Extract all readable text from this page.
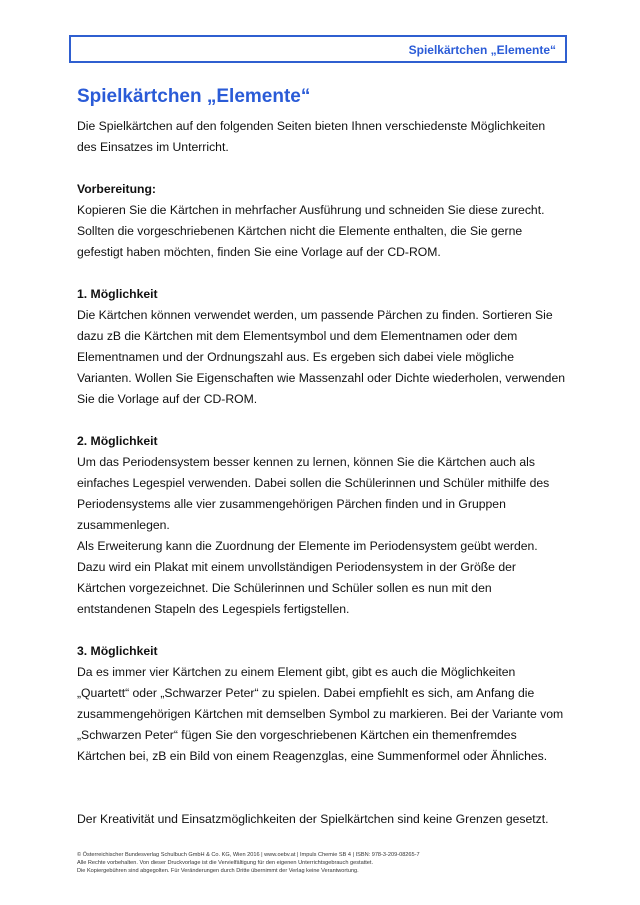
Spielkärtchen „Elemente“
Spielkärtchen „Elemente“

Die Spielkärtchen auf den folgenden Seiten bieten Ihnen verschiedenste Möglichkeiten des Einsatzes im Unterricht.

Vorbereitung:

Kopieren Sie die Kärtchen in mehrfacher Ausführung und schneiden Sie diese zurecht. Sollten die vorgeschriebenen Kärtchen nicht die Elemente enthalten, die Sie gerne gefestigt haben möchten, finden Sie eine Vorlage auf der CD-ROM.

1. Möglichkeit

Die Kärtchen können verwendet werden, um passende Pärchen zu finden. Sortieren Sie dazu zB die Kärtchen mit dem Elementsymbol und dem Elementnamen oder dem Elementnamen und der Ordnungszahl aus. Es ergeben sich dabei viele mögliche Varianten. Wollen Sie Eigenschaften wie Massenzahl oder Dichte wiederholen, verwenden Sie die Vorlage auf der CD-ROM.

2. Möglichkeit

Um das Periodensystem besser kennen zu lernen, können Sie die Kärtchen auch als einfaches Legespiel verwenden. Dabei sollen die Schülerinnen und Schüler mithilfe des Periodensystems alle vier zusammengehörigen Pärchen finden und in Gruppen zusammenlegen.

Als Erweiterung kann die Zuordnung der Elemente im Periodensystem geübt werden. Dazu wird ein Plakat mit einem unvollständigen Periodensystem in der Größe der Kärtchen vorgezeichnet. Die Schülerinnen und Schüler sollen es nun mit den entstandenen Stapeln des Legespiels fertigstellen.

3. Möglichkeit

Da es immer vier Kärtchen zu einem Element gibt, gibt es auch die Möglichkeiten „Quartett“ oder „Schwarzer Peter“ zu spielen. Dabei empfiehlt es sich, am Anfang die zusammengehörigen Kärtchen mit demselben Symbol zu markieren. Bei der Variante vom „Schwarzen Peter“ fügen Sie den vorgeschriebenen Kärtchen ein themenfremdes Kärtchen bei, zB ein Bild von einem Reagenzglas, eine Summenformel oder Ähnliches.

Der Kreativität und Einsatzmöglichkeiten der Spielkärtchen sind keine Grenzen gesetzt.

© Österreichischer Bundesverlag Schulbuch GmbH & Co. KG, Wien 2016 | www.oebv.at | Impuls Chemie SB 4 | ISBN: 978-3-209-08265-7
Alle Rechte vorbehalten. Von dieser Druckvorlage ist die Vervielfältigung für den eigenen Unterrichtsgebrauch gestattet.
Die Kopiergebühren sind abgegolten. Für Veränderungen durch Dritte übernimmt der Verlag keine Verantwortung.
